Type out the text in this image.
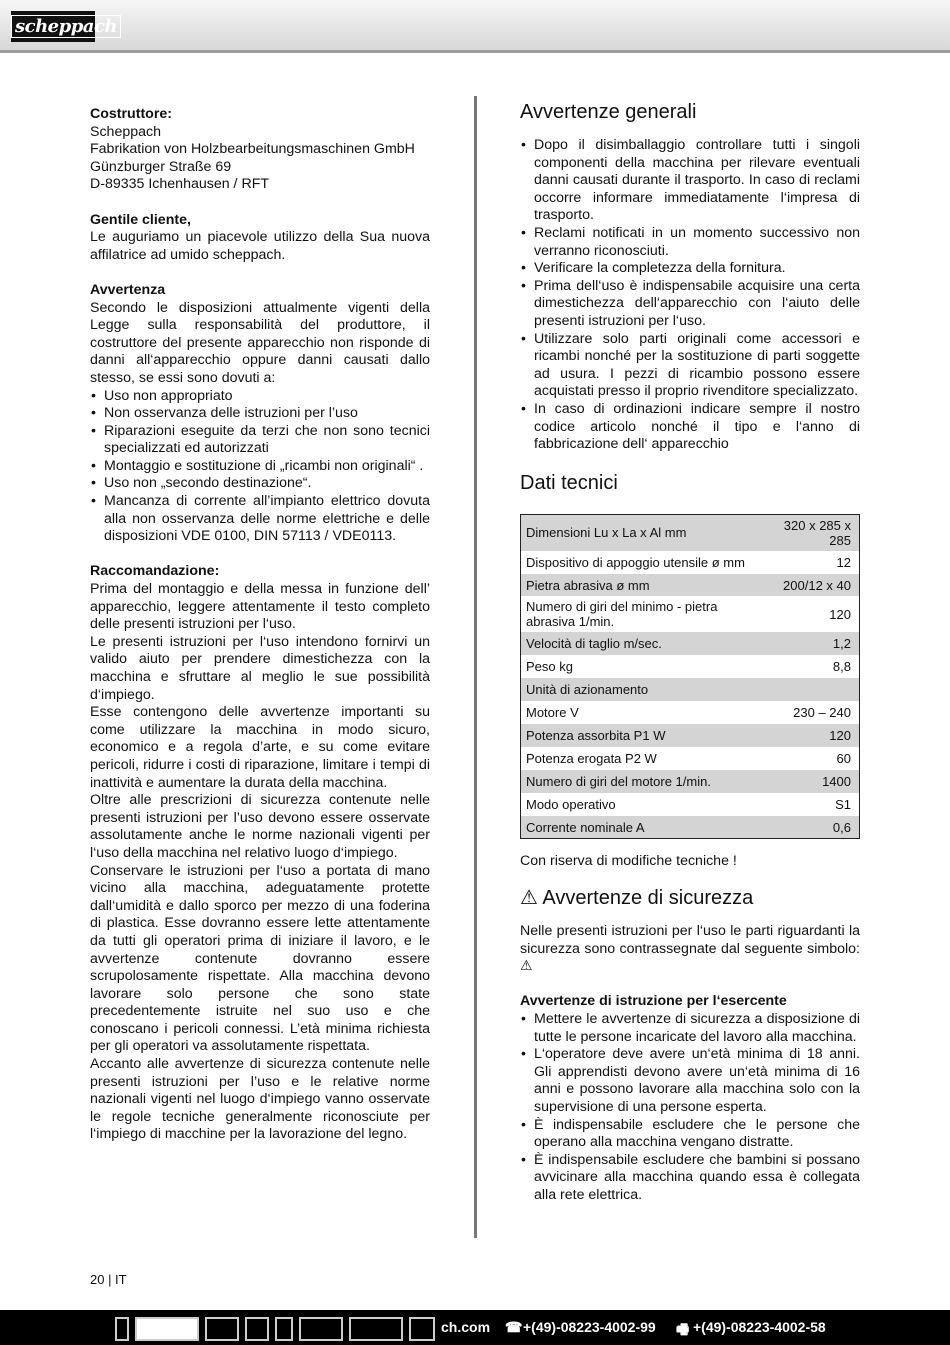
scheppach

Costruttore:

Scheppach
Fabrikation von Holzbearbeitungsmaschinen GmbH
Günzburger Straße 69
D-89335 Ichenhausen / RFT

Gentile cliente,

Le auguriamo un piacevole utilizzo della Sua nuova affilatrice ad umido scheppach.

Avvertenza

Secondo le disposizioni attualmente vigenti della Legge sulla responsabilità del produttore, il costruttore del presente apparecchio non risponde di danni all‘apparecchio oppure danni causati dallo stesso, se essi sono dovuti a:

• Uso non appropriato
• Non osservanza delle istruzioni per l’uso
• Riparazioni eseguite da terzi che non sono tecnici specializzati ed autorizzati
• Montaggio e sostituzione di „ricambi non originali“ .
• Uso non „secondo destinazione“.
• Mancanza di corrente all’impianto elettrico dovuta alla non osservanza delle norme elettriche e delle disposizioni VDE 0100, DIN 57113 / VDE0113.

Raccomandazione:

Prima del montaggio e della messa in funzione dell’ apparecchio, leggere attentamente il testo completo delle presenti istruzioni per l‘uso.

Le presenti istruzioni per l‘uso intendono fornirvi un valido aiuto per prendere dimestichezza con la macchina e sfruttare al meglio le sue possibilità d‘impiego.

Esse contengono delle avvertenze importanti su come utilizzare la macchina in modo sicuro, economico e a regola d’arte, e su come evitare pericoli, ridurre i costi di riparazione, limitare i tempi di inattività e aumentare la durata della macchina.

Oltre alle prescrizioni di sicurezza contenute nelle presenti istruzioni per l’uso devono essere osservate assolutamente anche le norme nazionali vigenti per l‘uso della macchina nel relativo luogo d‘impiego.

Conservare le istruzioni per l‘uso a portata di mano vicino alla macchina, adeguatamente protette dall‘umidità e dallo sporco per mezzo di una foderina di plastica. Esse dovranno essere lette attentamente da tutti gli operatori prima di iniziare il lavoro, e le avvertenze contenute dovranno essere scrupolosamente rispettate. Alla macchina devono lavorare solo persone che sono state precedentemente istruite nel suo uso e che conoscano i pericoli connessi. L’età minima richiesta per gli operatori va assolutamente rispettata.

Accanto alle avvertenze di sicurezza contenute nelle presenti istruzioni per l’uso e le relative norme nazionali vigenti nel luogo d‘impiego vanno osservate le regole tecniche generalmente riconosciute per l‘impiego di macchine per la lavorazione del legno.

Avvertenze generali
• Dopo il disimballaggio controllare tutti i singoli componenti della macchina per rilevare eventuali danni causati durante il trasporto. In caso di reclami occorre informare immediatamente l‘impresa di trasporto.
• Reclami notificati in un momento successivo non verranno riconosciuti.
• Verificare la completezza della fornitura.
• Prima dell‘uso è indispensabile acquisire una certa dimestichezza dell‘apparecchio con l‘aiuto delle presenti istruzioni per l‘uso.
• Utilizzare solo parti originali come accessori e ricambi nonché per la sostituzione di parti soggette ad usura. I pezzi di ricambio possono essere acquistati presso il proprio rivenditore specializzato.
• In caso di ordinazioni indicare sempre il nostro codice articolo nonché il tipo e l‘anno di fabbricazione dell‘ apparecchio
Dati tecnici
Dimensioni Lu x La x Al mm	320 x 285 x 285
Dispositivo di appoggio utensile ø mm	12
Pietra abrasiva ø mm	200/12 x 40
Numero di giri del minimo - pietra abrasiva 1/min.	120
Velocità di taglio m/sec.	1,2
Peso kg	8,8
Unità di azionamento	
Motore V	230 – 240
Potenza assorbita P1 W	120
Potenza erogata P2 W	60
Numero di giri del motore 1/min.	1400
Modo operativo	S1
Corrente nominale A	0,6

Con riserva di modifiche tecniche !

⚠ Avvertenze di sicurezza

Nelle presenti istruzioni per l‘uso le parti riguardanti la sicurezza sono contrassegnate dal seguente simbolo: ⚠

Avvertenze di istruzione per l‘esercente

• Mettere le avvertenze di sicurezza a disposizione di tutte le persone incaricate del lavoro alla macchina.
• L‘operatore deve avere un‘età minima di 18 anni. Gli apprendisti devono avere un‘età minima di 16 anni e possono lavorare alla macchina solo con la supervisione di una persone esperta.
• È indispensabile escludere che le persone che operano alla macchina vengano distratte.
• È indispensabile escludere che bambini si possano avvicinare alla macchina quando essa è collegata alla rete elettrica.
20 | IT
ch.com ☎ +(49)-08223-4002-99 🖷 +(49)-08223-4002-58
